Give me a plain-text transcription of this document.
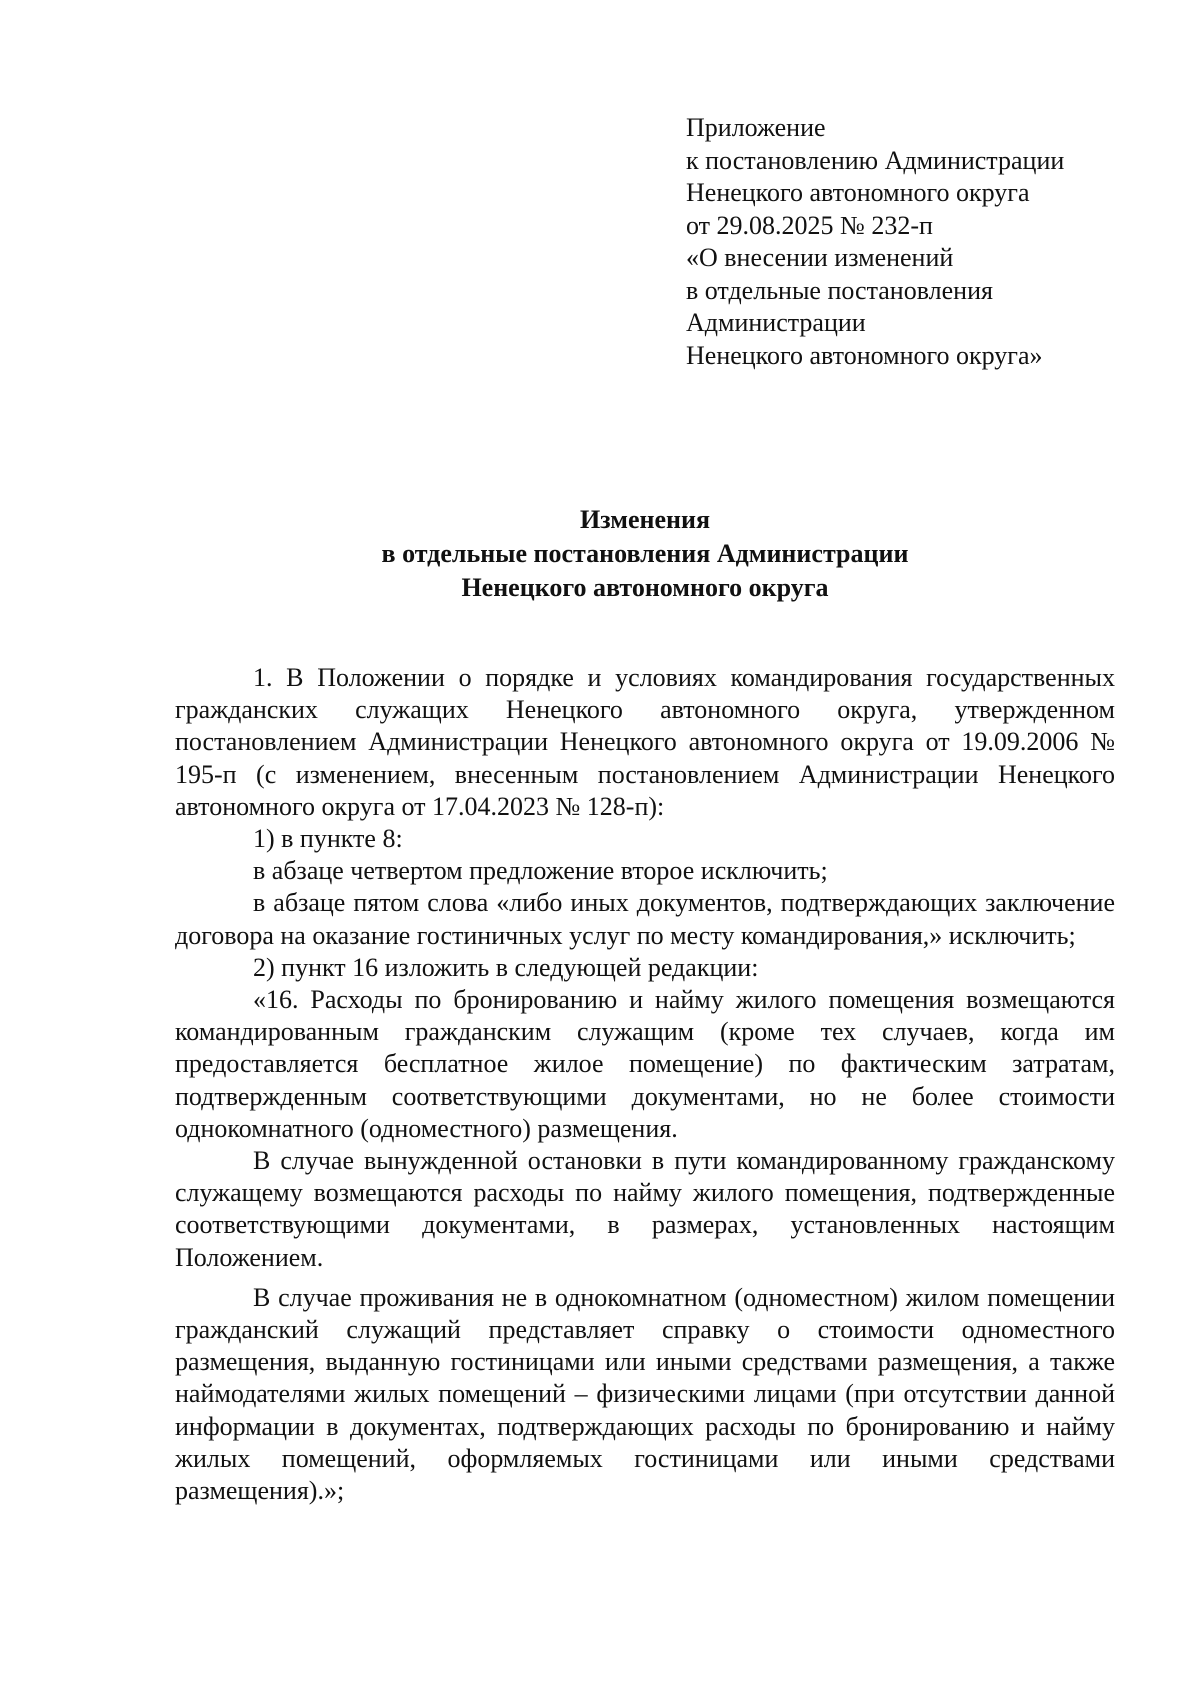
Приложение
к постановлению Администрации
Ненецкого автономного округа
от 29.08.2025 № 232-п
«О внесении изменений
в отдельные постановления
Администрации
Ненецкого автономного округа»
Изменения
в отдельные постановления Администрации
Ненецкого автономного округа

1. В Положении о порядке и условиях командирования государственных гражданских служащих Ненецкого автономного округа, утвержденном постановлением Администрации Ненецкого автономного округа от 19.09.2006 № 195-п (с изменением, внесенным постановлением Администрации Ненецкого автономного округа от 17.04.2023 № 128-п):

1) в пункте 8:

в абзаце четвертом предложение второе исключить;

в абзаце пятом слова «либо иных документов, подтверждающих заключение договора на оказание гостиничных услуг по месту командирования,» исключить;

2) пункт 16 изложить в следующей редакции:

«16. Расходы по бронированию и найму жилого помещения возмещаются командированным гражданским служащим (кроме тех случаев, когда им предоставляется бесплатное жилое помещение) по фактическим затратам, подтвержденным соответствующими документами, но не более стоимости однокомнатного (одноместного) размещения.

В случае вынужденной остановки в пути командированному гражданскому служащему возмещаются расходы по найму жилого помещения, подтвержденные соответствующими документами, в размерах, установленных настоящим Положением.

В случае проживания не в однокомнатном (одноместном) жилом помещении гражданский служащий представляет справку о стоимости одноместного размещения, выданную гостиницами или иными средствами размещения, а также наймодателями жилых помещений – физическими лицами (при отсутствии данной информации в документах, подтверждающих расходы по бронированию и найму жилых помещений, оформляемых гостиницами или иными средствами размещения).»;
